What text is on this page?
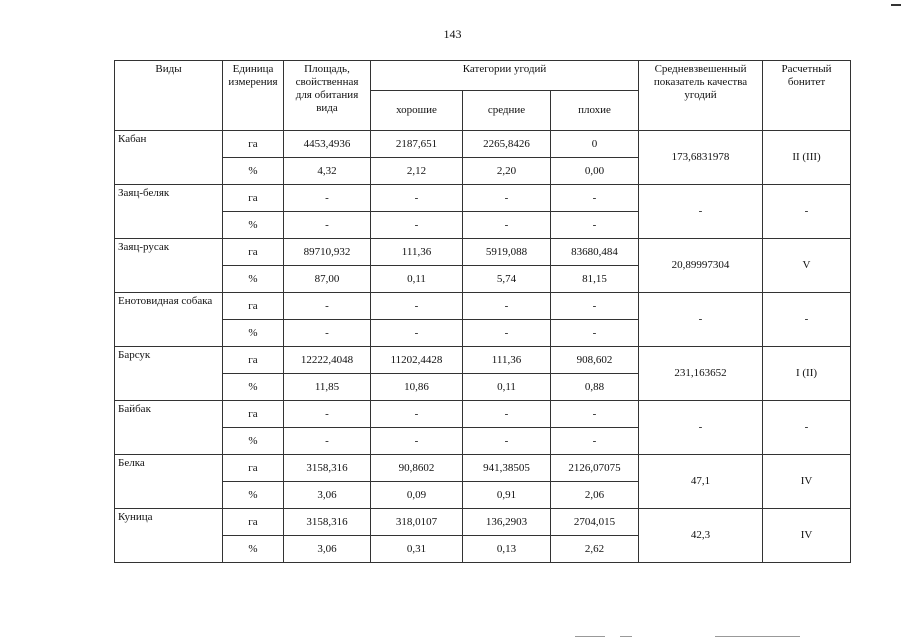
143
Виды	Единица измерения	Площадь, свойственная для обитания вида	Категории угодий			Средневзвешенный показатель качества угодий	Расчетный бонитет
			хорошие	средние	плохие		
Кабан	га	4453,4936	2187,651	2265,8426	0	173,6831978	II (III)
	%	4,32	2,12	2,20	0,00		
Заяц-беляк	га	-	-	-	-	-	-
	%	-	-	-	-		
Заяц-русак	га	89710,932	111,36	5919,088	83680,484	20,89997304	V
	%	87,00	0,11	5,74	81,15		
Енотовидная собака	га	-	-	-	-	-	-
	%	-	-	-	-		
Барсук	га	12222,4048	11202,4428	111,36	908,602	231,163652	I (II)
	%	11,85	10,86	0,11	0,88		
Байбак	га	-	-	-	-	-	-
	%	-	-	-	-		
Белка	га	3158,316	90,8602	941,38505	2126,07075	47,1	IV
	%	3,06	0,09	0,91	2,06		
Куница	га	3158,316	318,0107	136,2903	2704,015	42,3	IV
	%	3,06	0,31	0,13	2,62		
